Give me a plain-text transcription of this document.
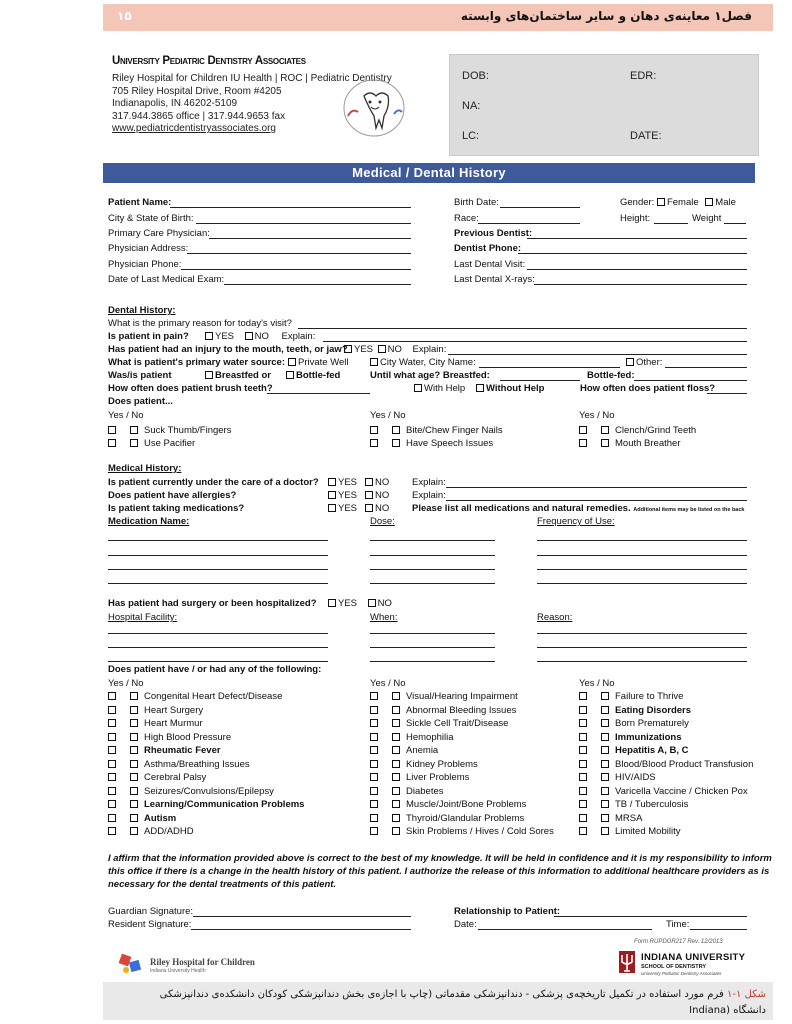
۱۵	فصل۱ معاینه‌ی دهان و سایر ساختمان‌های وابسته
University Pediatric Dentistry Associates
Riley Hospital for Children IU Health | ROC | Pediatric Dentistry
705 Riley Hospital Drive, Room #4205
Indianapolis, IN 46202-5109
317.944.3865 office | 317.944.9653 fax
www.pediatricdentistryassociates.org
DOB:	EDR:
NA:
LC:	DATE:
Medical / Dental History
Patient Name:
City & State of Birth:
Primary Care Physician:
Physician Address:
Physician Phone:
Date of Last Medical Exam:
Birth Date:
Race:
Previous Dentist:
Dentist Phone:
Last Dental Visit:
Last Dental X-rays:
Gender: Female Male
Height:	Weight
Dental History:
What is the primary reason for today's visit?
Is patient in pain?	YES NO Explain:
Has patient had an injury to the mouth, teeth, or jaw? YES NO Explain:
What is patient's primary water source:	Private Well	City Water, City Name:	Other:
Was/is patient	Breastfed or	Bottle-fed	Until what age? Breastfed:	Bottle-fed:
How often does patient brush teeth?	With Help	Without Help	How often does patient floss?
Does patient...
Yes / No	Yes / No	Yes / No
Suck Thumb/Fingers
Use Pacifier
Bite/Chew Finger Nails
Have Speech Issues
Clench/Grind Teeth
Mouth Breather
Medical History:
Is patient currently under the care of a doctor?
Does patient have allergies?
Is patient taking medications?
YES NO
YES NO
YES NO
Explain:
Explain:
Please list all medications and natural remedies. Additional items may be listed on the back
Medication Name:	Dose:	Frequency of Use:
Has patient had surgery or been hospitalized?	YES NO
Hospital Facility:	When:	Reason:
Does patient have / or had any of the following:
Yes / No	Yes / No	Yes / No
Congenital Heart Defect/Disease
Heart Surgery
Heart Murmur
High Blood Pressure
Rheumatic Fever
Asthma/Breathing Issues
Cerebral Palsy
Seizures/Convulsions/Epilepsy
Learning/Communication Problems
Autism
ADD/ADHD
Visual/Hearing Impairment
Abnormal Bleeding Issues
Sickle Cell Trait/Disease
Hemophilia
Anemia
Kidney Problems
Liver Problems
Diabetes
Muscle/Joint/Bone Problems
Thyroid/Glandular Problems
Skin Problems / Hives / Cold Sores
Failure to Thrive
Eating Disorders
Born Prematurely
Immunizations
Hepatitis A, B, C
Blood/Blood Product Transfusion
HIV/AIDS
Varicella Vaccine / Chicken Pox
TB / Tuberculosis
MRSA
Limited Mobility
I affirm that the information provided above is correct to the best of my knowledge. It will be held in confidence and it is my responsibility to inform this office if there is a change in the health history of this patient. I authorize the release of this information to additional healthcare providers as is necessary for the dental treatments of this patient.
Guardian Signature:
Resident Signature:
Relationship to Patient:
Date:	Time:
Form RUPDOR217 Rev. 12/2013
Riley Hospital for Children
Indiana University Health
INDIANA UNIVERSITY
SCHOOL OF DENTISTRY
University Pediatric Dentistry Associates
شکل ۱-۱ فرم مورد استفاده در تکمیل تاریخچه‌ی پزشکی - دندانپزشکی مقدماتی (چاپ با اجازه‌ی بخش دندانپزشکی کودکان دانشکده‌ی دندانپزشکی دانشگاه (Indiana
